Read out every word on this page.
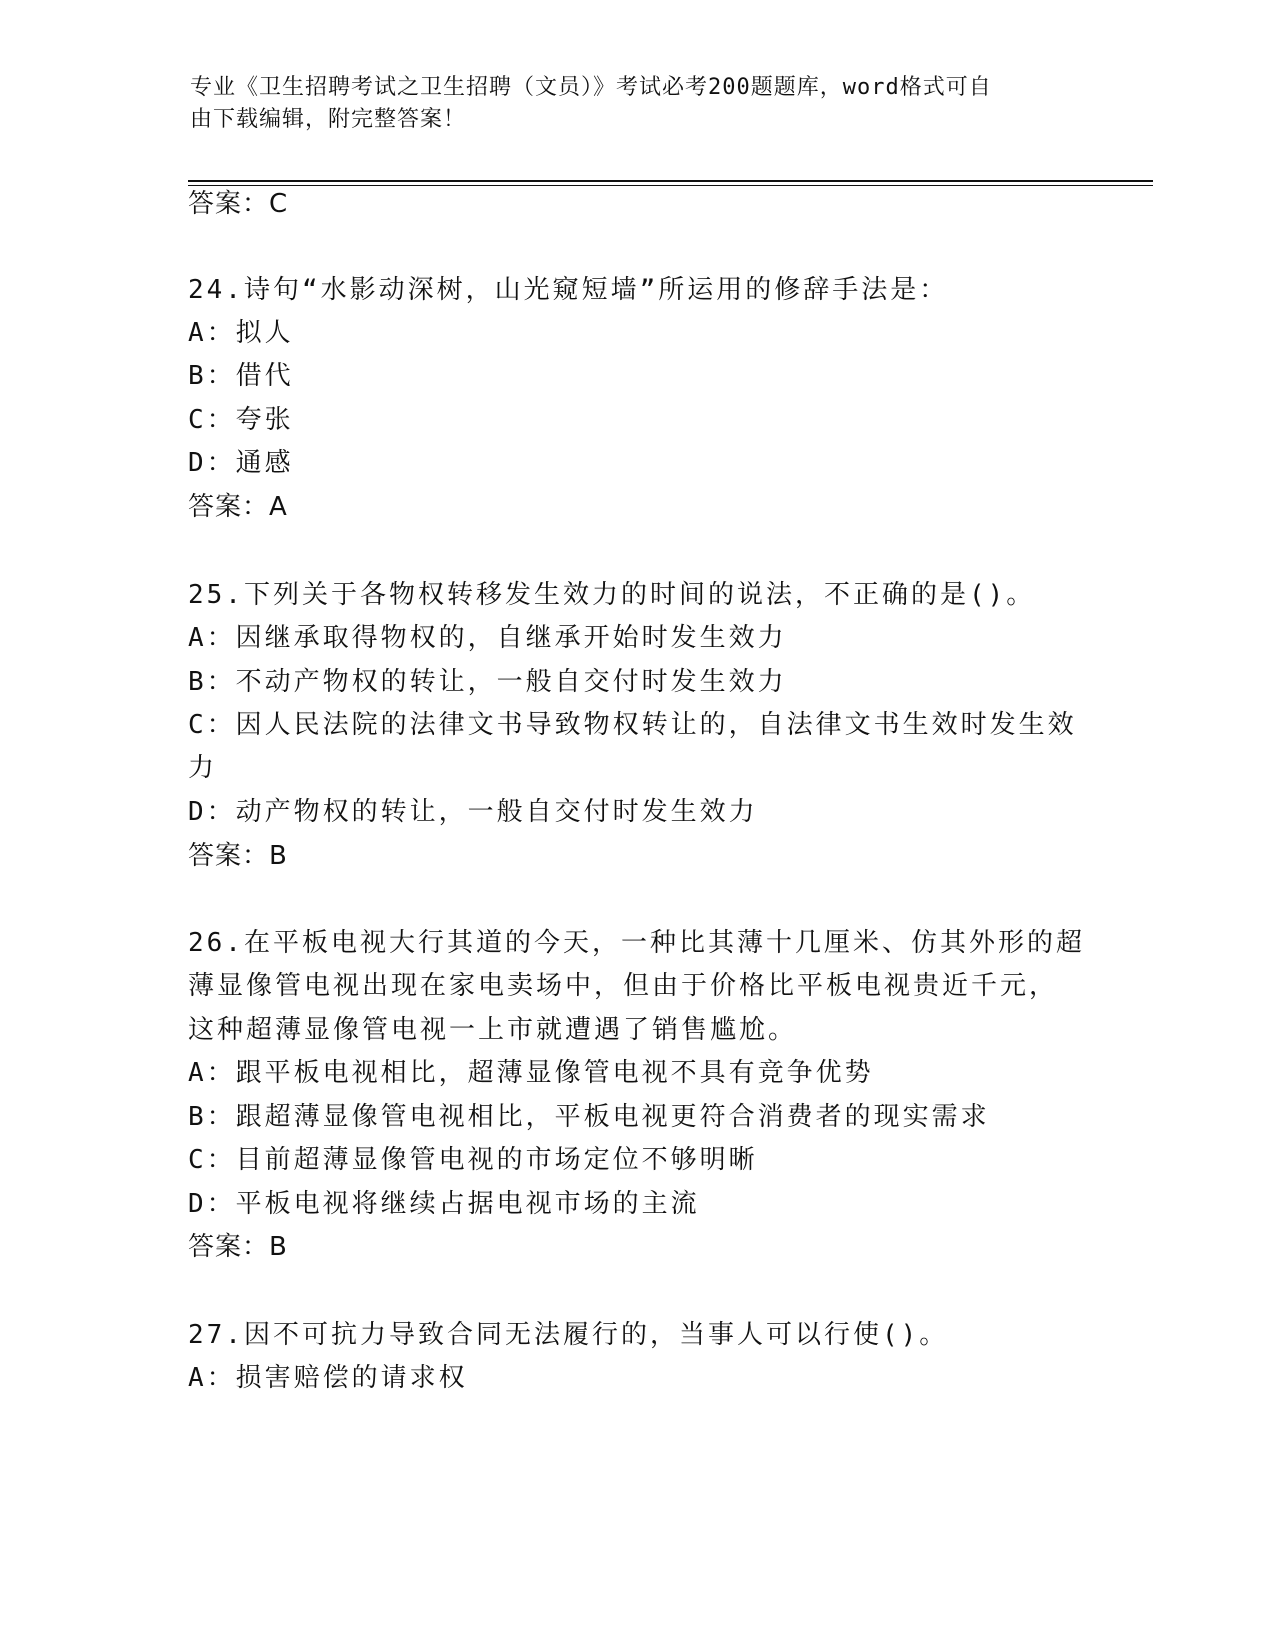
专业《卫生招聘考试之卫生招聘（文员）》考试必考200题题库，word格式可自
由下载编辑，附完整答案！
答案：C
24.诗句“水影动深树，山光窥短墙”所运用的修辞手法是：
A：拟人
B：借代
C：夸张
D：通感
答案：A
25.下列关于各物权转移发生效力的时间的说法，不正确的是()。
A：因继承取得物权的，自继承开始时发生效力
B：不动产物权的转让，一般自交付时发生效力
C：因人民法院的法律文书导致物权转让的，自法律文书生效时发生效
力
D：动产物权的转让，一般自交付时发生效力
答案：B
26.在平板电视大行其道的今天，一种比其薄十几厘米、仿其外形的超
薄显像管电视出现在家电卖场中，但由于价格比平板电视贵近千元，
这种超薄显像管电视一上市就遭遇了销售尴尬。
A：跟平板电视相比，超薄显像管电视不具有竞争优势
B：跟超薄显像管电视相比，平板电视更符合消费者的现实需求
C：目前超薄显像管电视的市场定位不够明晰
D：平板电视将继续占据电视市场的主流
答案：B
27.因不可抗力导致合同无法履行的，当事人可以行使()。
A：损害赔偿的请求权
